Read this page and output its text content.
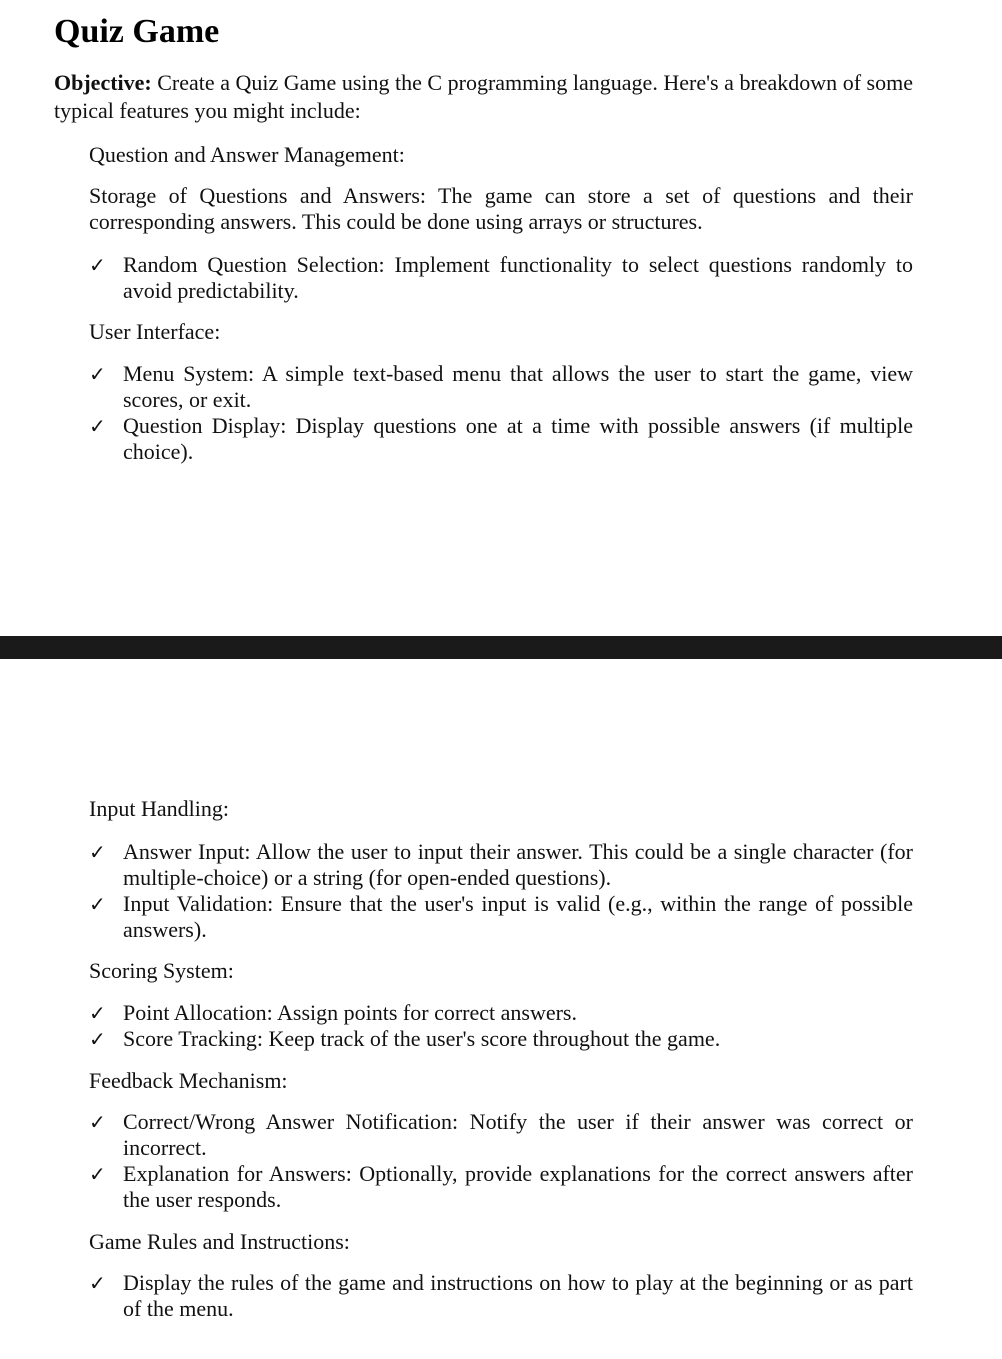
Quiz Game

Objective: Create a Quiz Game using the C programming language. Here's a breakdown of some typical features you might include:

Question and Answer Management:

Storage of Questions and Answers: The game can store a set of questions and their corresponding answers. This could be done using arrays or structures.

✓ Random Question Selection: Implement functionality to select questions randomly to avoid predictability.

User Interface:

✓ Menu System: A simple text-based menu that allows the user to start the game, view scores, or exit.
✓ Question Display: Display questions one at a time with possible answers (if multiple choice).

Input Handling:

✓ Answer Input: Allow the user to input their answer. This could be a single character (for multiple-choice) or a string (for open-ended questions).
✓ Input Validation: Ensure that the user's input is valid (e.g., within the range of possible answers).

Scoring System:

✓ Point Allocation: Assign points for correct answers.
✓ Score Tracking: Keep track of the user's score throughout the game.

Feedback Mechanism:

✓ Correct/Wrong Answer Notification: Notify the user if their answer was correct or incorrect.
✓ Explanation for Answers: Optionally, provide explanations for the correct answers after the user responds.

Game Rules and Instructions:

✓ Display the rules of the game and instructions on how to play at the beginning or as part of the menu.
